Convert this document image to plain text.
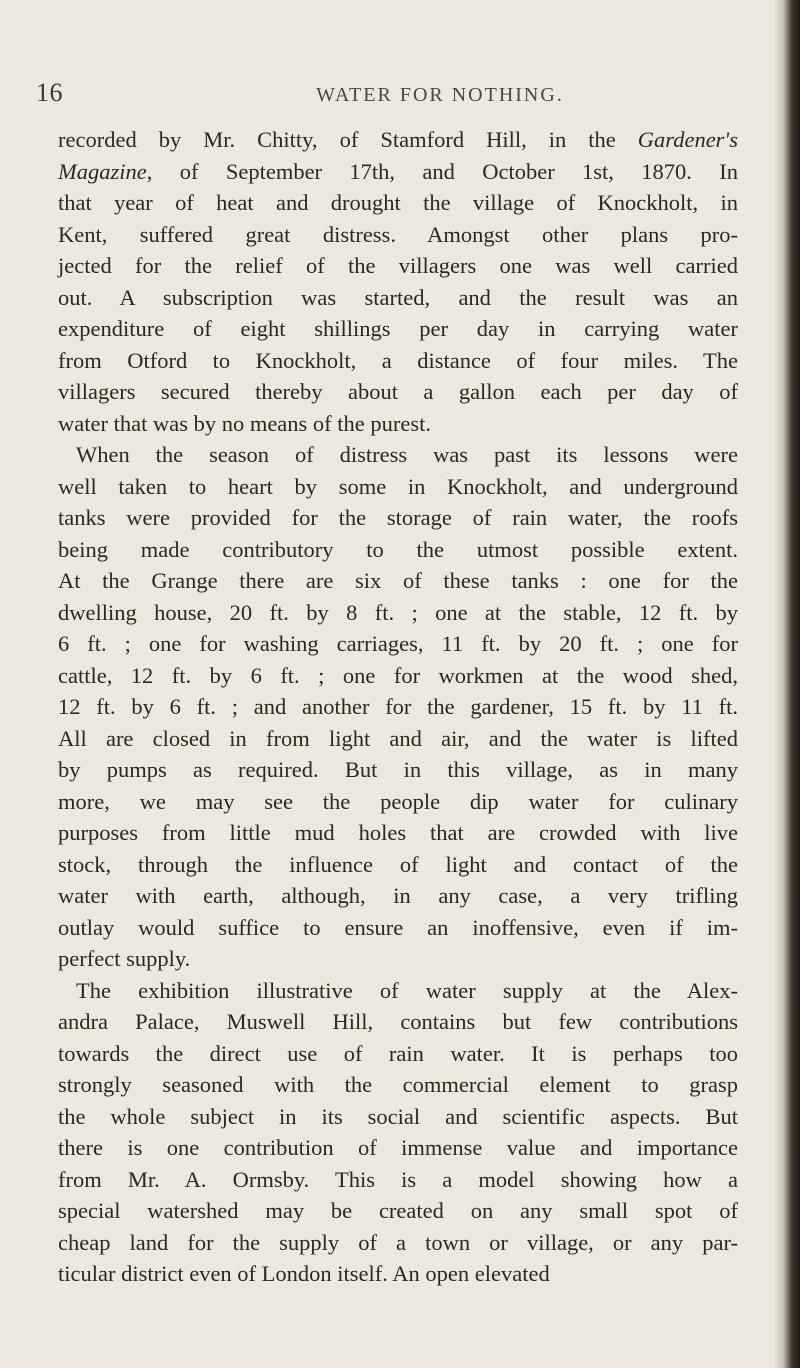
16	WATER FOR NOTHING.
recorded by Mr. Chitty, of Stamford Hill, in the Gardener's
Magazine, of September 17th, and October 1st, 1870. In
that year of heat and drought the village of Knockholt, in
Kent, suffered great distress. Amongst other plans pro-
jected for the relief of the villagers one was well carried
out. A subscription was started, and the result was an
expenditure of eight shillings per day in carrying water
from Otford to Knockholt, a distance of four miles. The
villagers secured thereby about a gallon each per day of
water that was by no means of the purest.
When the season of distress was past its lessons were
well taken to heart by some in Knockholt, and underground
tanks were provided for the storage of rain water, the roofs
being made contributory to the utmost possible extent.
At the Grange there are six of these tanks : one for the
dwelling house, 20 ft. by 8 ft. ; one at the stable, 12 ft. by
6 ft. ; one for washing carriages, 11 ft. by 20 ft. ; one for
cattle, 12 ft. by 6 ft. ; one for workmen at the wood shed,
12 ft. by 6 ft. ; and another for the gardener, 15 ft. by 11 ft.
All are closed in from light and air, and the water is lifted
by pumps as required. But in this village, as in many
more, we may see the people dip water for culinary
purposes from little mud holes that are crowded with live
stock, through the influence of light and contact of the
water with earth, although, in any case, a very trifling
outlay would suffice to ensure an inoffensive, even if im-
perfect supply.
The exhibition illustrative of water supply at the Alex-
andra Palace, Muswell Hill, contains but few contributions
towards the direct use of rain water. It is perhaps too
strongly seasoned with the commercial element to grasp
the whole subject in its social and scientific aspects. But
there is one contribution of immense value and importance
from Mr. A. Ormsby. This is a model showing how a
special watershed may be created on any small spot of
cheap land for the supply of a town or village, or any par-
ticular district even of London itself. An open elevated
